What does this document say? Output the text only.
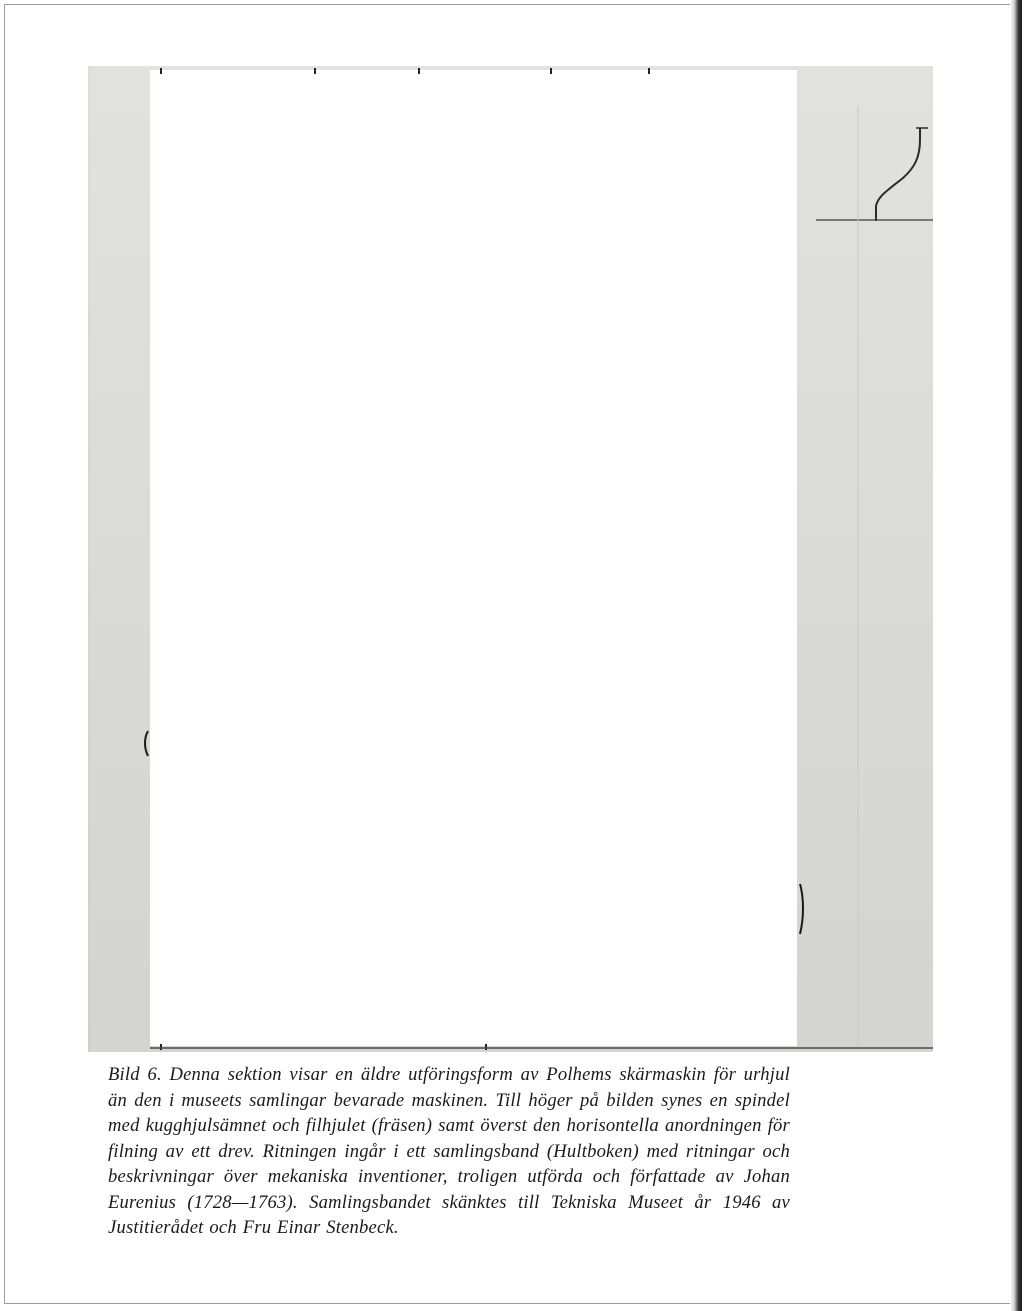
Bild 6. Denna sektion visar en äldre utföringsform av Polhems skärmaskin för urhjul än den i museets samlingar bevarade maskinen. Till höger på bilden synes en spindel med kugghjulsämnet och filhjulet (fräsen) samt överst den horisontella anordningen för filning av ett drev. Ritningen ingår i ett samlingsband (Hultboken) med ritningar och beskrivningar över mekaniska inventioner, troligen utförda och författade av Johan Eurenius (1728—1763). Samlingsbandet skänktes till Tekniska Museet år 1946 av Justitierådet och Fru Einar Stenbeck.
